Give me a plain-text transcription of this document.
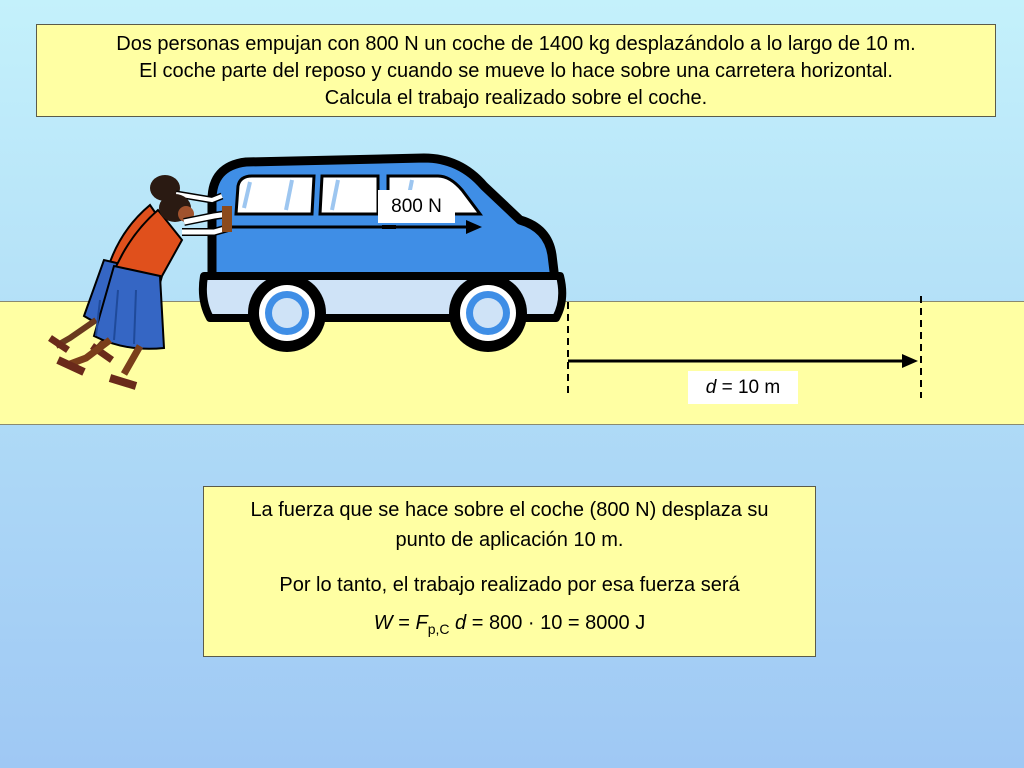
Dos personas empujan con 800 N un coche de 1400 kg desplazándolo a lo largo de 10 m.
El coche parte del reposo y cuando se mueve lo hace sobre una carretera horizontal.
Calcula el trabajo realizado sobre el coche.
800 N
d = 10 m
La fuerza que se hace sobre el coche (800 N) desplaza su
punto de aplicación 10 m.
Por lo tanto, el trabajo realizado por esa fuerza será
$W = F_{p,C}$ d = 800 · 10 = 8000 J
